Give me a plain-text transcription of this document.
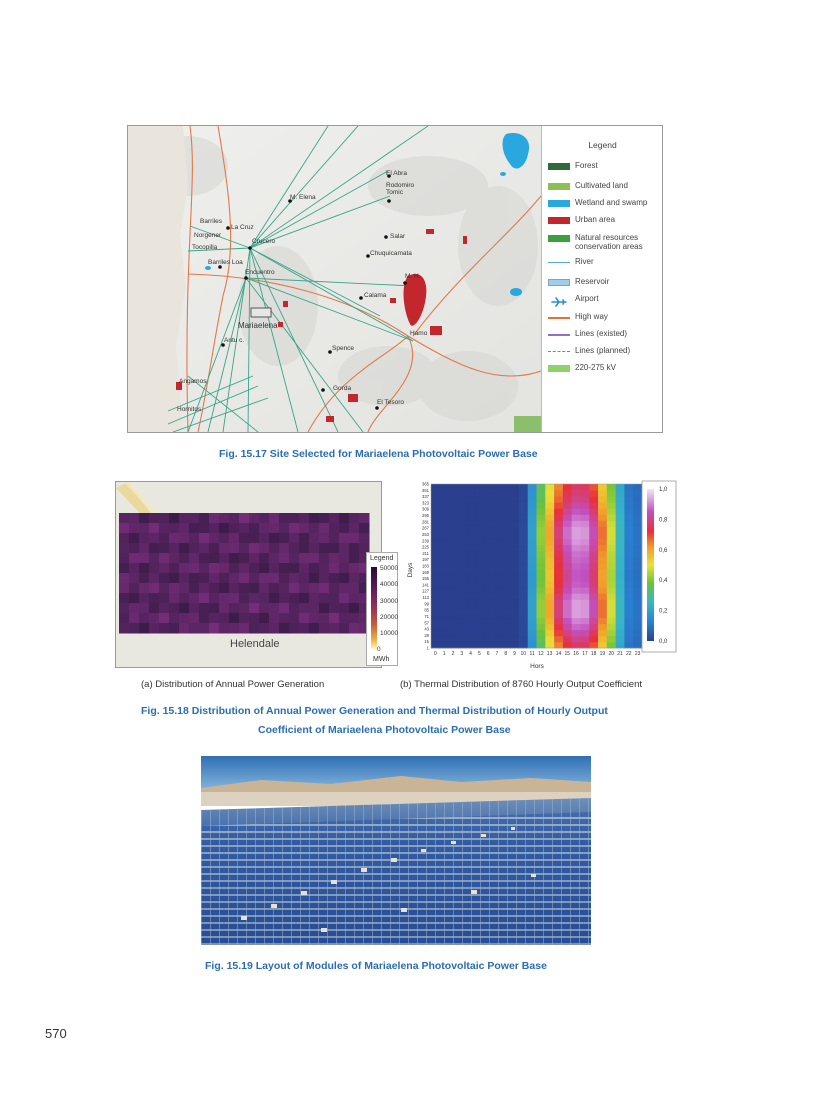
El Abra
Rodomiro Tomic
M. Elena
Barriles
La Cruz
Norgener
Tocopilla
Barriles Loa
Crucero
Salar
Chuquicamata
Encuentro
Calama
M. H.
Mariaelena
Antu c.
Spence
Angamos
Gorda
Hornitos
El Tesoro
Hamo
Legend
Forest
Cultivated land
Wetland and swamp
Urban area
Natural resources conservation areas
River
Reservoir
Airport
High way
Lines (existed)
Lines (planned)
220-275 kV
Fig. 15.17 Site Selected for Mariaelena Photovoltaic Power Base
Helendale
Legend
50000
40000
30000
20000
10000
0
MWh
1
15
29
43
57
71
85
99
113
127
141
155
169
183
197
211
225
239
253
267
281
295
309
323
337
351
365
0 1 2 3 4 5 6 7 8 9 10 11 12 13 14 15 16 17 18 19 20 21 22 23
Days
Hors
1,0
0,8
0,6
0,4
0,2
0,0
(a) Distribution of Annual Power Generation	(b) Thermal Distribution of 8760 Hourly Output Coefficient
Fig. 15.18 Distribution of Annual Power Generation and Thermal Distribution of Hourly Output
Coefficient of Mariaelena Photovoltaic Power Base
Fig. 15.19 Layout of Modules of Mariaelena Photovoltaic Power Base
570
